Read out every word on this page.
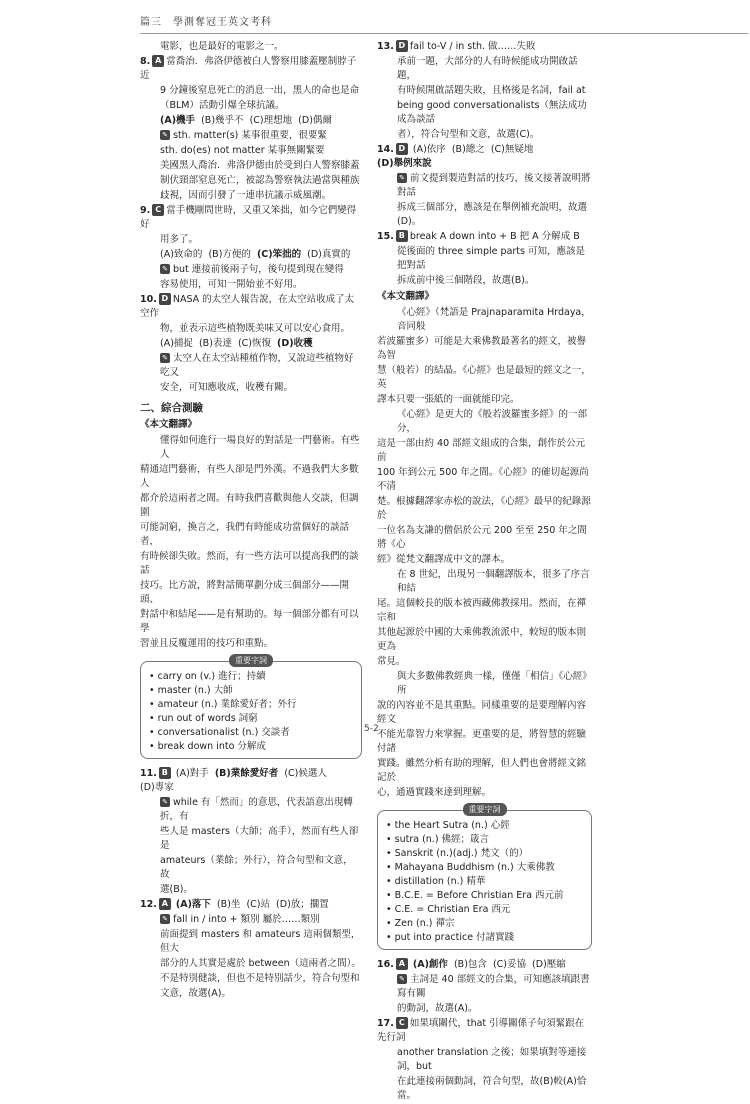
篇三　學測奪冠王英文考科
電影，也是最好的電影之一。
8. A 當喬治．弗洛伊德被白人警察用膝蓋壓制脖子近
9 分鐘後窒息死亡的消息一出，黑人的命也是命
（BLM）活動引爆全球抗議。
(A)機手 (B)幾乎不 (C)理想地 (D)偶爾
✎ sth. matter(s) 某事很重要，很要緊
sth. do(es) not matter 某事無關緊要
美國黑人喬治．弗洛伊德由於受到白人警察膝蓋
制伏頸部窒息死亡，被認為警察執法過當與種族
歧視，因而引發了一連串抗議示威風潮。
9. C 當手機剛問世時，又重又笨拙，如今它們變得好
用多了。
(A)致命的 (B)方便的 (C)笨拙的 (D)真實的
✎ but 連接前後兩子句，後句提到現在變得
容易使用，可知一開始並不好用。
10. D NASA 的太空人報告說，在太空站收成了太空作
物，並表示這些植物既美味又可以安心食用。
(A)捕捉 (B)表達 (C)恢復 (D)收穫
✎ 太空人在太空站種植作物，又說這些植物好吃又
安全，可知應收成，收穫有關。
二、綜合測驗
《本文翻譯》
懂得如何進行一場良好的對話是一門藝術。有些人
精通這門藝術，有些人卻是門外漢。不過我們大多數人
都介於這兩者之間。有時我們喜歡與他人交談，但調圍
可能詞窮，換言之，我們有時能成功當個好的談話者，
有時候卻失敗。然而，有一些方法可以提高我們的談話
技巧。比方說，將對話簡單劃分成三個部分——開頭、
對話中和結尾——是有幫助的。每一個部分都有可以學
習並且反覆運用的技巧和重點。
重要字詞
• carry on (v.) 進行；持續
• master (n.) 大師
• amateur (n.) 業餘愛好者；外行
• run out of words 詞窮
• conversationalist (n.) 交談者
• break down into 分解成
11. B (A)對手 (B)業餘愛好者 (C)候選人  (D)專家
✎ while 有「然而」的意思，代表語意出現轉折，有
些人是 masters（大師；高手），然而有些人卻是
amateurs（業餘；外行），符合句型和文意，故
選(B)。
12. A (A)落下 (B)坐 (C)站 (D)放；擱置
✎ fall in / into + 類別 屬於……類別
前面提到 masters 和 amateurs 這兩個類型，但大
部分的人其實是處於 between（這兩者之間）。
不是特別健談，但也不是特別話少，符合句型和
文意，故選(A)。
13. D fail to-V / in sth. 做……失敗
承前一題，大部分的人有時候能成功開啟話題，
有時候開啟話題失敗，且格後是名詞，fail at
being good conversationalists（無法成功成為談話
者），符合句型和文意，故選(C)。
14. D (A)依序 (B)總之 (C)無疑地  (D)舉例來說
✎ 前文提到製造對話的技巧，後文接著說明將對話
拆成三個部分，應該是在舉例補充說明，故選(D)。
15. B break A down into + B 把 A 分解成 B
從後面的 three simple parts 可知，應該是把對話
拆成前中後三個階段，故選(B)。
《本文翻譯》
《心經》（梵語是 Prajnaparamita Hrdaya，音同般
若波羅蜜多）可能是大乘佛教最著名的經文，被譽為智
慧（般若）的結晶。《心經》也是最短的經文之一，英
譯本只要一張紙的一面就能印完。
《心經》是更大的《般若波羅蜜多經》的一部分，
這是一部由約 40 部經文組成的合集，創作於公元前
100 年到公元 500 年之間。《心經》的確切起源尚不清
楚。根據翻譯家赤松的說法，《心經》最早的紀錄源於
一位名為支謙的僧侶於公元 200 至至 250 年之間將《心
經》從梵文翻譯成中文的譯本。
在 8 世紀，出現另一個翻譯版本，很多了序言和結
尾。這個較長的版本被西藏佛教採用。然而，在禪宗和
其他起源於中國的大乘佛教流派中，較短的版本則更為
常見。
與大多數佛教經典一樣，僅僅「相信」《心經》所
說的內容並不是其重點。同樣重要的是要理解內容經文
不能光靠智力來掌握。更重要的是，將智慧的經驗付諸
實踐。雖然分析有助的理解，但人們也會將經文銘記於
心，通過實踐來達到理解。
重要字詞
• the Heart Sutra (n.) 心經
• sutra (n.) 佛經；箴言
• Sanskrit (n.)(adj.) 梵文（的）
• Mahayana Buddhism (n.) 大乘佛教
• distillation (n.) 精華
• B.C.E. = Before Christian Era 西元前
• C.E. = Christian Era 西元
• Zen (n.) 禪宗
• put into practice 付諸實踐
16. A (A)創作 (B)包含 (C)妥協 (D)壓縮
✎ 主詞是 40 部經文的合集，可知應該填跟書寫有關
的動詞，故選(A)。
17. C 如果填關代，that 引導關係子句須緊跟在先行詞
another translation 之後；如果填對等連接詞，but
在此連接兩個動詞，符合句型，故(B)較(A)恰當。
5-2
